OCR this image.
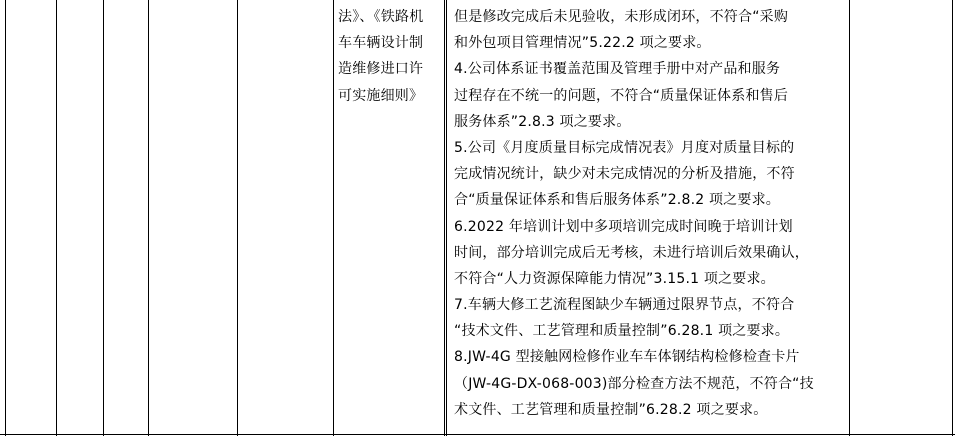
法》、《铁路机
车车辆设计制
造维修进口许
可实施细则》
但是修改完成后未见验收，未形成闭环，不符合“采购
和外包项目管理情况”5.22.2 项之要求。
4.公司体系证书覆盖范围及管理手册中对产品和服务
过程存在不统一的问题，不符合“质量保证体系和售后
服务体系”2.8.3 项之要求。
5.公司《月度质量目标完成情况表》月度对质量目标的
完成情况统计，缺少对未完成情况的分析及措施，不符
合“质量保证体系和售后服务体系”2.8.2 项之要求。
6.2022 年培训计划中多项培训完成时间晚于培训计划
时间，部分培训完成后无考核，未进行培训后效果确认，
不符合“人力资源保障能力情况”3.15.1 项之要求。
7.车辆大修工艺流程图缺少车辆通过限界节点，不符合
“技术文件、工艺管理和质量控制”6.28.1 项之要求。
8.JW-4G 型接触网检修作业车车体钢结构检修检查卡片
（JW-4G-DX-068-003)部分检查方法不规范，不符合“技
术文件、工艺管理和质量控制”6.28.2 项之要求。
